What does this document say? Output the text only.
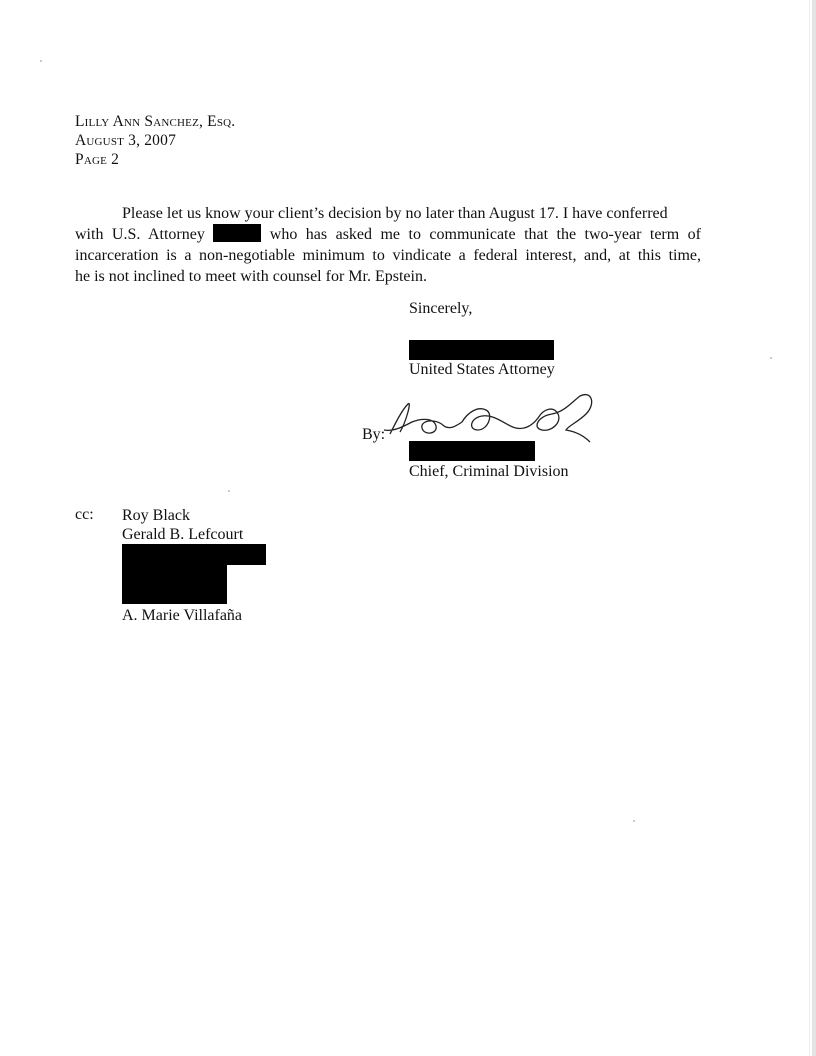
Lilly Ann Sanchez, Esq.
August 3, 2007
Page 2
Please let us know your client’s decision by no later than August 17. I have conferred
with U.S. Attorney	who has asked me to communicate that the two-year term of
incarceration is a non-negotiable minimum to vindicate a federal interest, and, at this time,
he is not inclined to meet with counsel for Mr. Epstein.
Sincerely,
United States Attorney
By:
Chief, Criminal Division
cc: Roy Black
Gerald B. Lefcourt
A. Marie Villafaña
